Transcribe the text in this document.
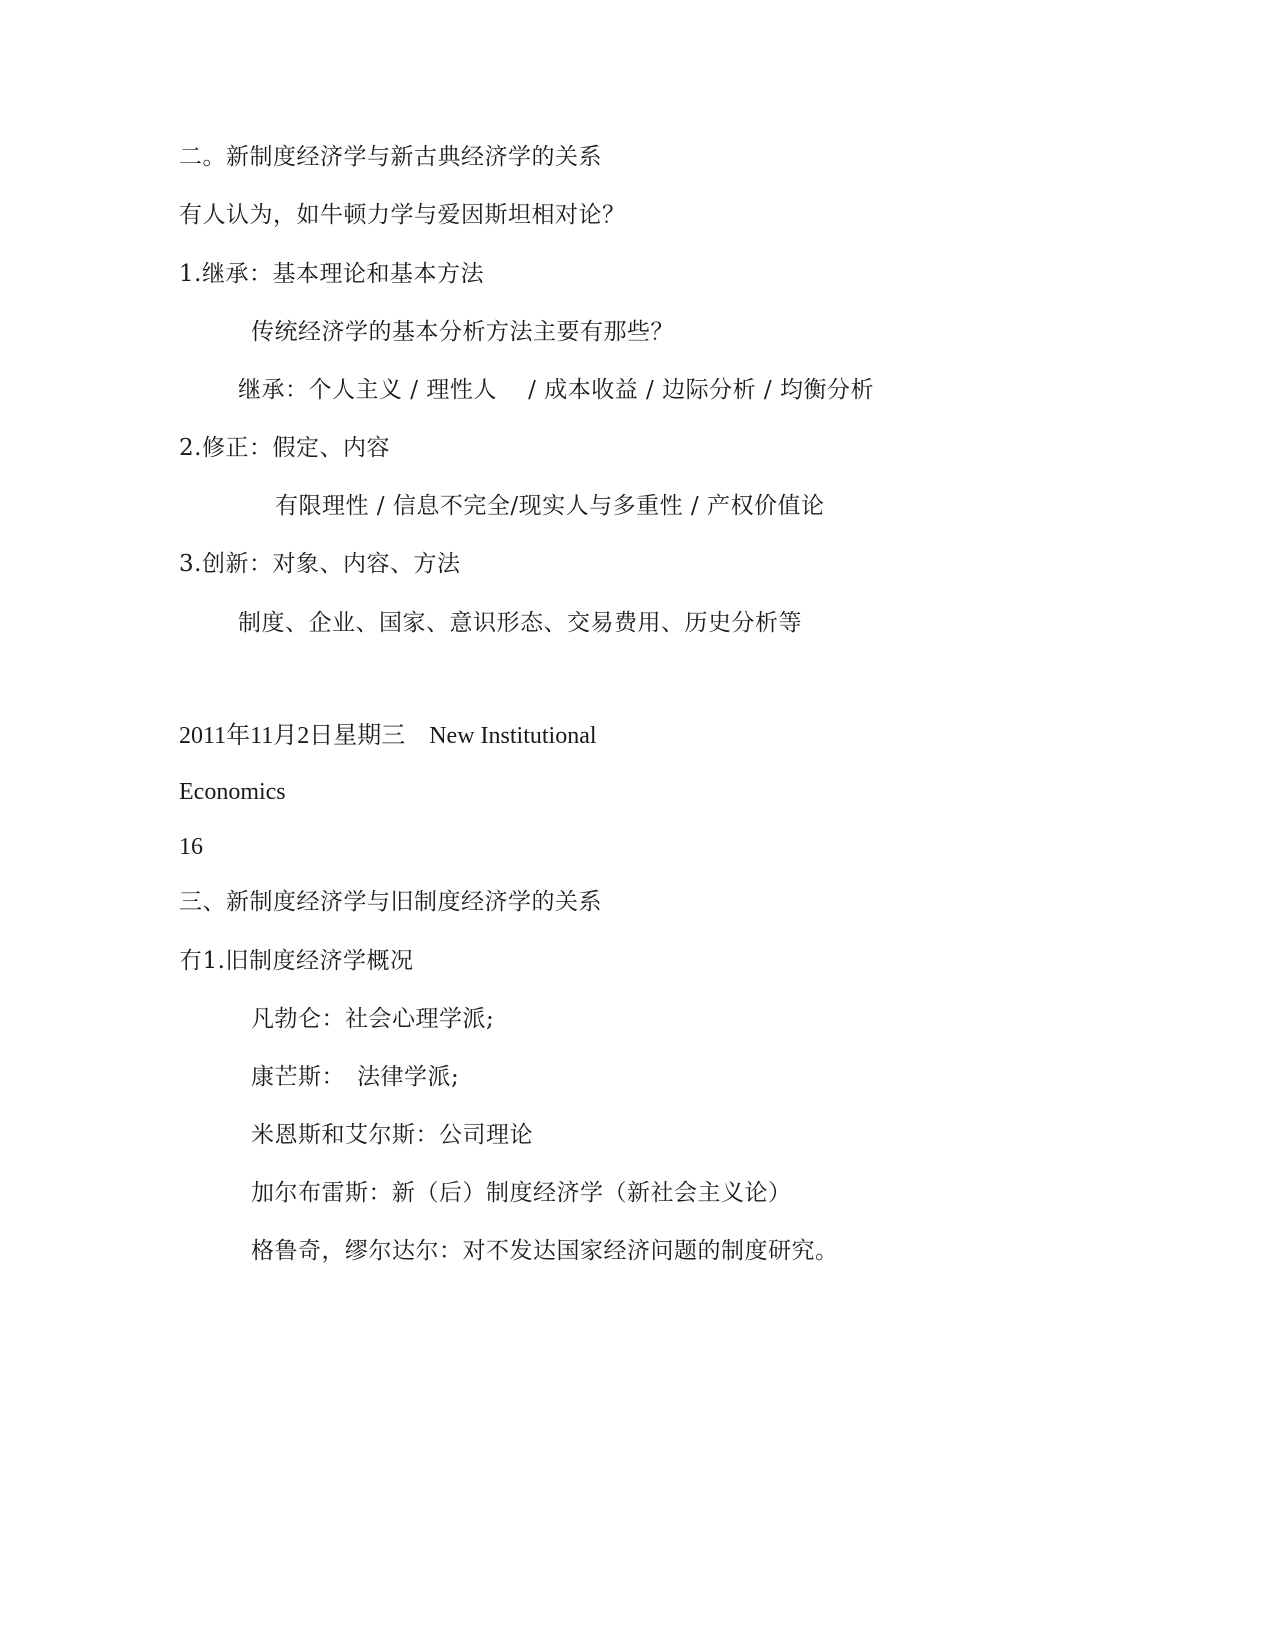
二。新制度经济学与新古典经济学的关系
有人认为，如牛顿力学与爱因斯坦相对论？
1.继承：基本理论和基本方法
传统经济学的基本分析方法主要有那些？
继承：个人主义 / 理性人　 / 成本收益 / 边际分析 / 均衡分析
2.修正：假定、内容
有限理性 / 信息不完全/现实人与多重性 / 产权价值论
3.创新：对象、内容、方法
制度、企业、国家、意识形态、交易费用、历史分析等
2011年11月2日星期三　New Institutional
Economics
16
三、新制度经济学与旧制度经济学的关系
冇1.旧制度经济学概况
凡勃仑：社会心理学派;
康芒斯：　法律学派;
米恩斯和艾尔斯：公司理论
加尔布雷斯：新（后）制度经济学（新社会主义论）
格鲁奇，缪尔达尔：对不发达国家经济问题的制度研究。
